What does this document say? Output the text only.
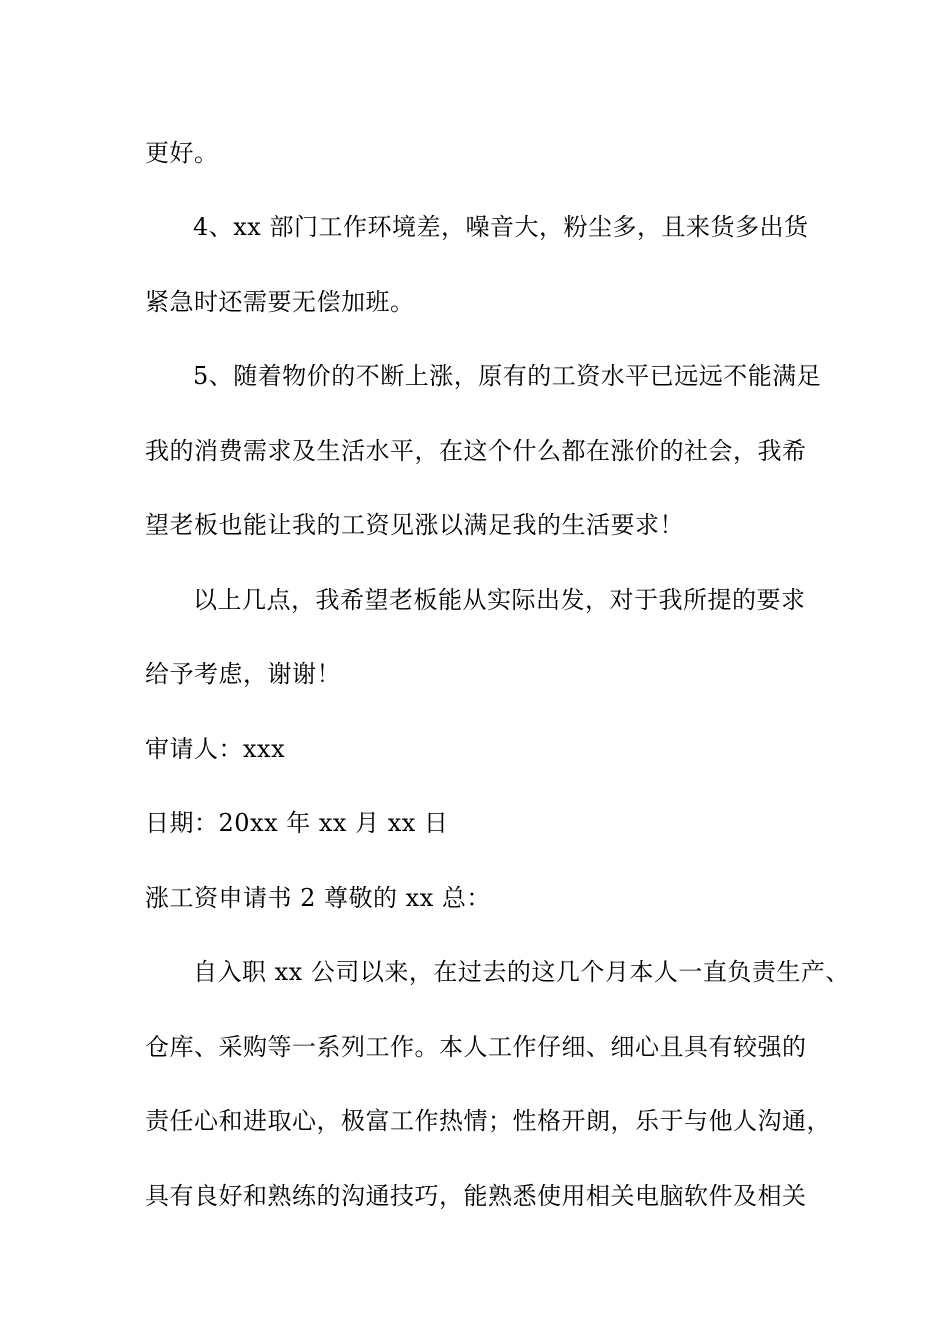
更好。
4、xx 部门工作环境差，噪音大，粉尘多，且来货多出货
紧急时还需要无偿加班。
5、随着物价的不断上涨，原有的工资水平已远远不能满足
我的消费需求及生活水平，在这个什么都在涨价的社会，我希
望老板也能让我的工资见涨以满足我的生活要求！
以上几点，我希望老板能从实际出发，对于我所提的要求
给予考虑，谢谢！
审请人：xxx
日期：20xx 年 xx 月 xx 日
涨工资申请书 2 尊敬的 xx 总：
自入职 xx 公司以来，在过去的这几个月本人一直负责生产、
仓库、采购等一系列工作。本人工作仔细、细心且具有较强的
责任心和进取心，极富工作热情；性格开朗，乐于与他人沟通，
具有良好和熟练的沟通技巧，能熟悉使用相关电脑软件及相关
